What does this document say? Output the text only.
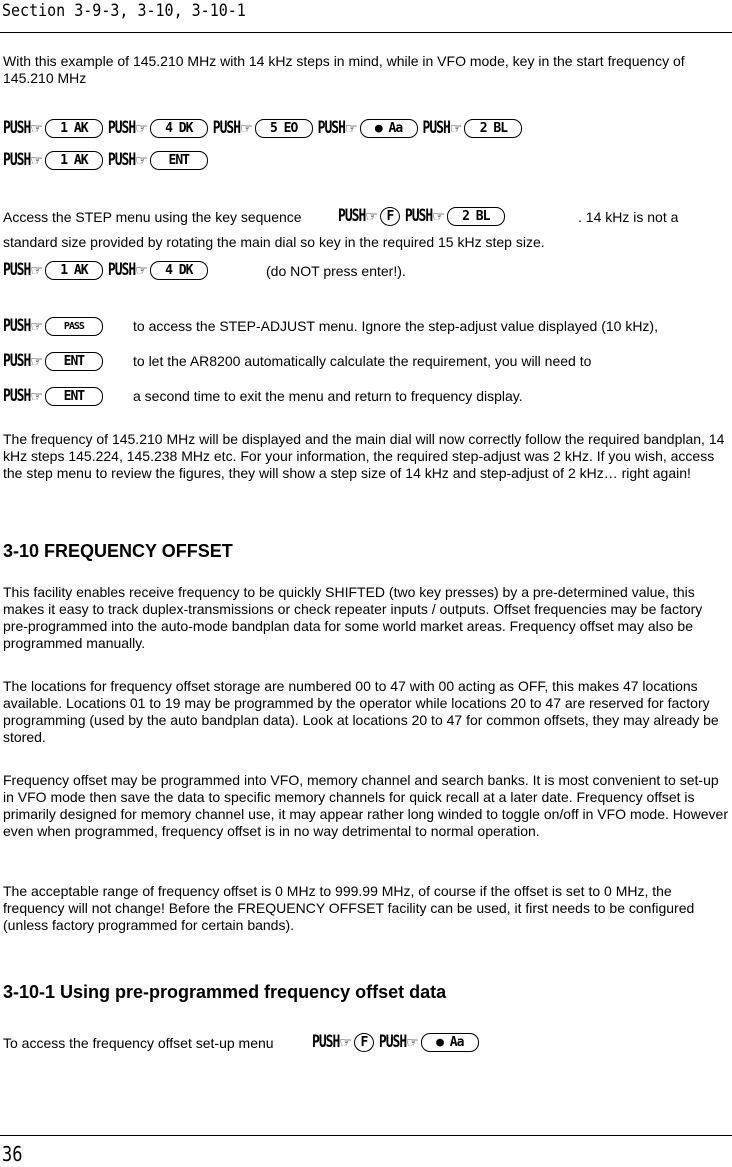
Section 3-9-3, 3-10, 3-10-1

With this example of 145.210 MHz with 14 kHz steps in mind, while in VFO mode, key in the start frequency of 145.210 MHz

PUSH ☞	1 AK	PUSH ☞	4 DK	PUSH ☞	5 EO	PUSH ☞	● Aa	PUSH ☞	2 BL
PUSH ☞	1 AK	PUSH ☞	ENT
Access the STEP menu using the key sequence	PUSH ☞ F PUSH ☞	2 BL	. 14 kHz is not a
standard size provided by rotating the main dial so key in the required 15 kHz step size.
PUSH ☞	1 AK	PUSH ☞	4 DK	(do NOT press enter!).
PUSH ☞	PASS	to access the STEP-ADJUST menu. Ignore the step-adjust value displayed (10 kHz),
PUSH ☞	ENT	to let the AR8200 automatically calculate the requirement, you will need to
PUSH ☞	ENT	a second time to exit the menu and return to frequency display.

The frequency of 145.210 MHz will be displayed and the main dial will now correctly follow the required bandplan, 14 kHz steps 145.224, 145.238 MHz etc. For your information, the required step-adjust was 2 kHz. If you wish, access the step menu to review the figures, they will show a step size of 14 kHz and step-adjust of 2 kHz… right again!

3-10 FREQUENCY OFFSET

This facility enables receive frequency to be quickly SHIFTED (two key presses) by a pre-determined value, this makes it easy to track duplex-transmissions or check repeater inputs / outputs. Offset frequencies may be factory pre-programmed into the auto-mode bandplan data for some world market areas. Frequency offset may also be programmed manually.

The locations for frequency offset storage are numbered 00 to 47 with 00 acting as OFF, this makes 47 locations available. Locations 01 to 19 may be programmed by the operator while locations 20 to 47 are reserved for factory programming (used by the auto bandplan data). Look at locations 20 to 47 for common offsets, they may already be stored.

Frequency offset may be programmed into VFO, memory channel and search banks. It is most convenient to set-up in VFO mode then save the data to specific memory channels for quick recall at a later date. Frequency offset is primarily designed for memory channel use, it may appear rather long winded to toggle on/off in VFO mode. However even when programmed, frequency offset is in no way detrimental to normal operation.

The acceptable range of frequency offset is 0 MHz to 999.99 MHz, of course if the offset is set to 0 MHz, the frequency will not change! Before the FREQUENCY OFFSET facility can be used, it first needs to be configured (unless factory programmed for certain bands).

3-10-1 Using pre-programmed frequency offset data
To access the frequency offset set-up menu	PUSH ☞ F PUSH ☞	● Aa
36
